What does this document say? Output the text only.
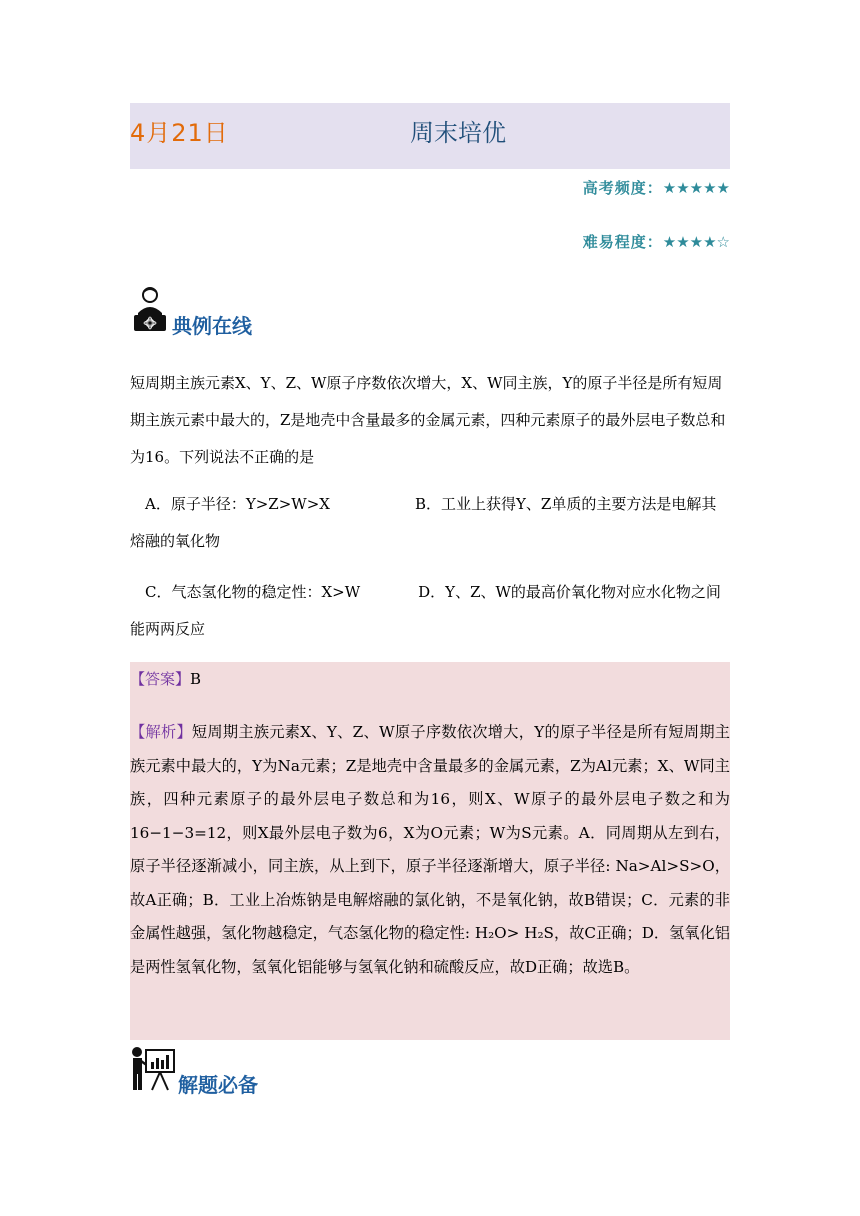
4月21日	周末培优
高考频度：★★★★★
难易程度：★★★★☆
典例在线
短周期主族元素X、Y、Z、W原子序数依次增大，X、W同主族，Y的原子半径是所有短周期主族元素中最大的，Z是地壳中含量最多的金属元素，四种元素原子的最外层电子数总和为16。下列说法不正确的是
A．原子半径：Y>Z>W>X	B．工业上获得Y、Z单质的主要方法是电解其熔融的氧化物
C．气态氢化物的稳定性：X>W	D．Y、Z、W的最高价氧化物对应水化物之间能两两反应
【答案】B
【解析】短周期主族元素X、Y、Z、W原子序数依次增大，Y的原子半径是所有短周期主族元素中最大的，Y为Na元素；Z是地壳中含量最多的金属元素，Z为Al元素；X、W同主族，四种元素原子的最外层电子数总和为16，则X、W原子的最外层电子数之和为16−1−3=12，则X最外层电子数为6，X为O元素；W为S元素。A．同周期从左到右，原子半径逐渐减小，同主族，从上到下，原子半径逐渐增大，原子半径: Na>Al>S>O，故A正确；B．工业上冶炼钠是电解熔融的氯化钠，不是氧化钠，故B错误；C．元素的非金属性越强，氢化物越稳定，气态氢化物的稳定性: H₂O> H₂S，故C正确；D．氢氧化铝是两性氢氧化物，氢氧化铝能够与氢氧化钠和硫酸反应，故D正确；故选B。
解题必备
